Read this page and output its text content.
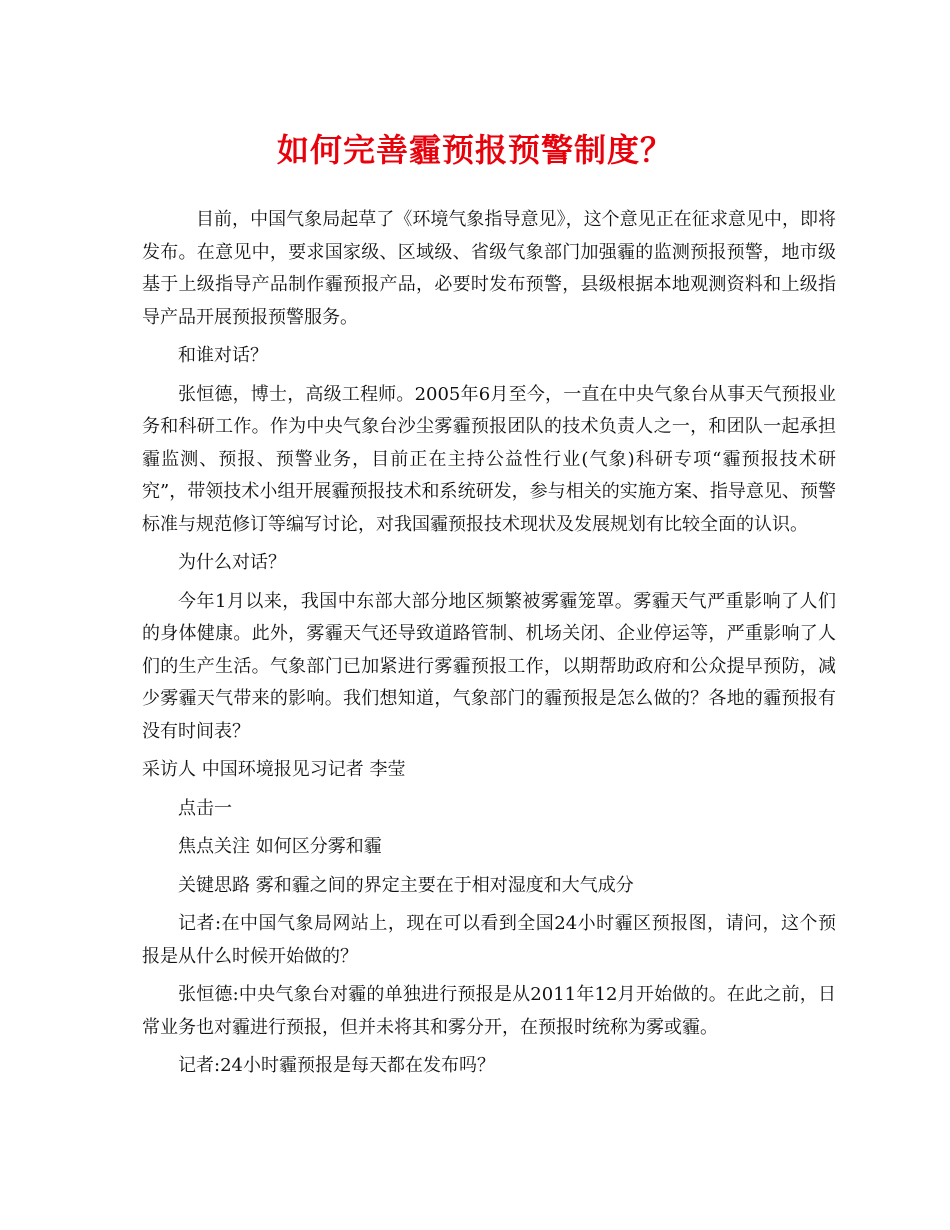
如何完善霾预报预警制度？

目前，中国气象局起草了《环境气象指导意见》，这个意见正在征求意见中，即将发布。在意见中，要求国家级、区域级、省级气象部门加强霾的监测预报预警，地市级基于上级指导产品制作霾预报产品，必要时发布预警，县级根据本地观测资料和上级指导产品开展预报预警服务。

和谁对话？

张恒德，博士，高级工程师。2005年6月至今，一直在中央气象台从事天气预报业务和科研工作。作为中央气象台沙尘雾霾预报团队的技术负责人之一，和团队一起承担霾监测、预报、预警业务，目前正在主持公益性行业(气象)科研专项“霾预报技术研究”，带领技术小组开展霾预报技术和系统研发，参与相关的实施方案、指导意见、预警标准与规范修订等编写讨论，对我国霾预报技术现状及发展规划有比较全面的认识。

为什么对话？

今年1月以来，我国中东部大部分地区频繁被雾霾笼罩。雾霾天气严重影响了人们的身体健康。此外，雾霾天气还导致道路管制、机场关闭、企业停运等，严重影响了人们的生产生活。气象部门已加紧进行雾霾预报工作，以期帮助政府和公众提早预防，减少雾霾天气带来的影响。我们想知道，气象部门的霾预报是怎么做的？各地的霾预报有没有时间表？

采访人 中国环境报见习记者 李莹

点击一

焦点关注 如何区分雾和霾

关键思路 雾和霾之间的界定主要在于相对湿度和大气成分

记者:在中国气象局网站上，现在可以看到全国24小时霾区预报图，请问，这个预报是从什么时候开始做的？

张恒德:中央气象台对霾的单独进行预报是从2011年12月开始做的。在此之前，日常业务也对霾进行预报，但并未将其和雾分开，在预报时统称为雾或霾。

记者:24小时霾预报是每天都在发布吗？
